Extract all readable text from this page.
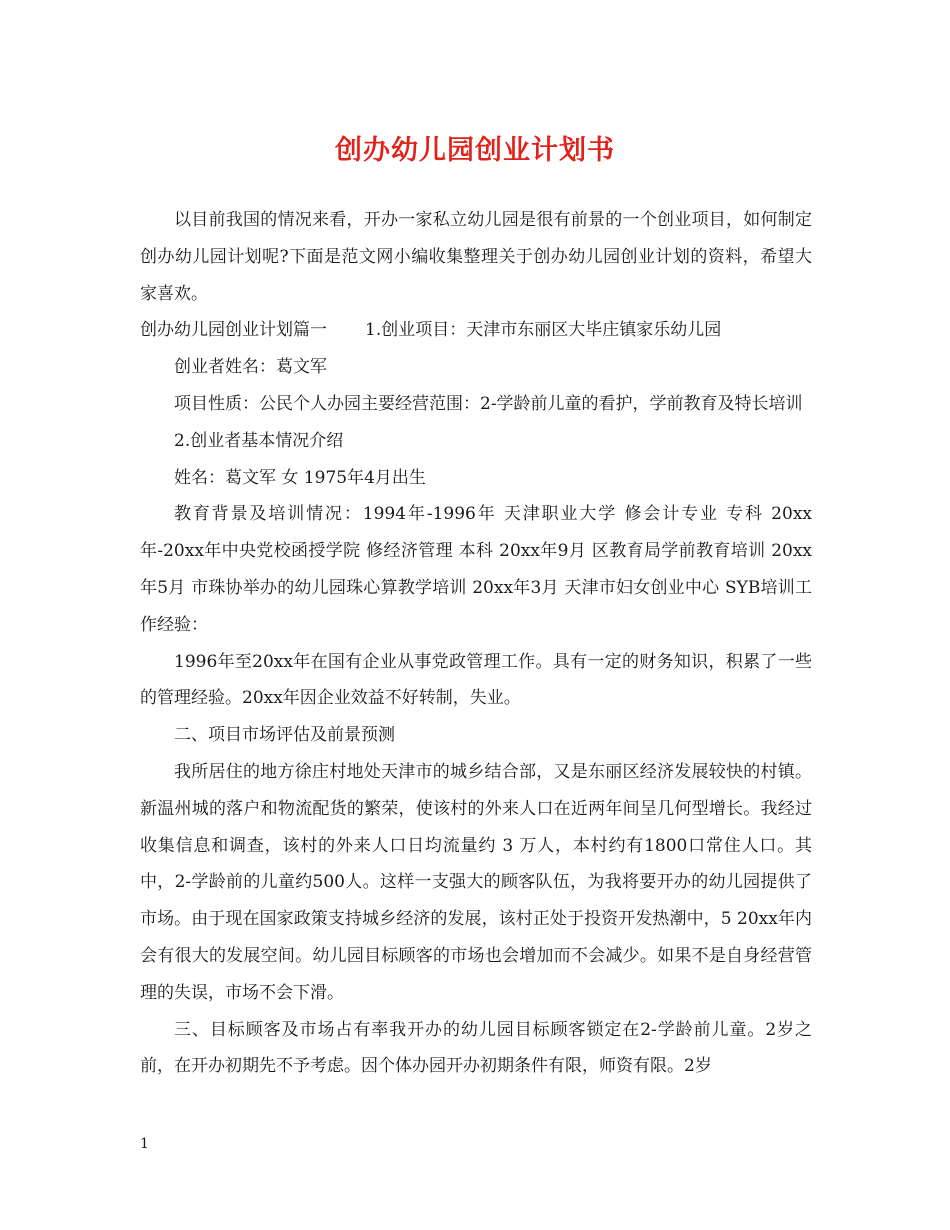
创办幼儿园创业计划书

以目前我国的情况来看，开办一家私立幼儿园是很有前景的一个创业项目，如何制定创办幼儿园计划呢?下面是范文网小编收集整理关于创办幼儿园创业计划的资料，希望大家喜欢。

创办幼儿园创业计划篇一 1.创业项目：天津市东丽区大毕庄镇家乐幼儿园

创业者姓名：葛文军

项目性质：公民个人办园主要经营范围：2-学龄前儿童的看护，学前教育及特长培训

2.创业者基本情况介绍

姓名：葛文军 女 1975年4月出生

教育背景及培训情况：1994年-1996年 天津职业大学 修会计专业 专科 20xx年-20xx年中央党校函授学院 修经济管理 本科 20xx年9月 区教育局学前教育培训 20xx年5月 市珠协举办的幼儿园珠心算教学培训 20xx年3月 天津市妇女创业中心 SYB培训工作经验：

1996年至20xx年在国有企业从事党政管理工作。具有一定的财务知识，积累了一些的管理经验。20xx年因企业效益不好转制，失业。

二、项目市场评估及前景预测

我所居住的地方徐庄村地处天津市的城乡结合部，又是东丽区经济发展较快的村镇。新温州城的落户和物流配货的繁荣，使该村的外来人口在近两年间呈几何型增长。我经过收集信息和调查，该村的外来人口日均流量约 3 万人，本村约有1800口常住人口。其中，2-学龄前的儿童约500人。这样一支强大的顾客队伍，为我将要开办的幼儿园提供了市场。由于现在国家政策支持城乡经济的发展，该村正处于投资开发热潮中，5 20xx年内会有很大的发展空间。幼儿园目标顾客的市场也会增加而不会减少。如果不是自身经营管理的失误，市场不会下滑。

三、目标顾客及市场占有率我开办的幼儿园目标顾客锁定在2-学龄前儿童。2岁之前，在开办初期先不予考虑。因个体办园开办初期条件有限，师资有限。2岁

1
